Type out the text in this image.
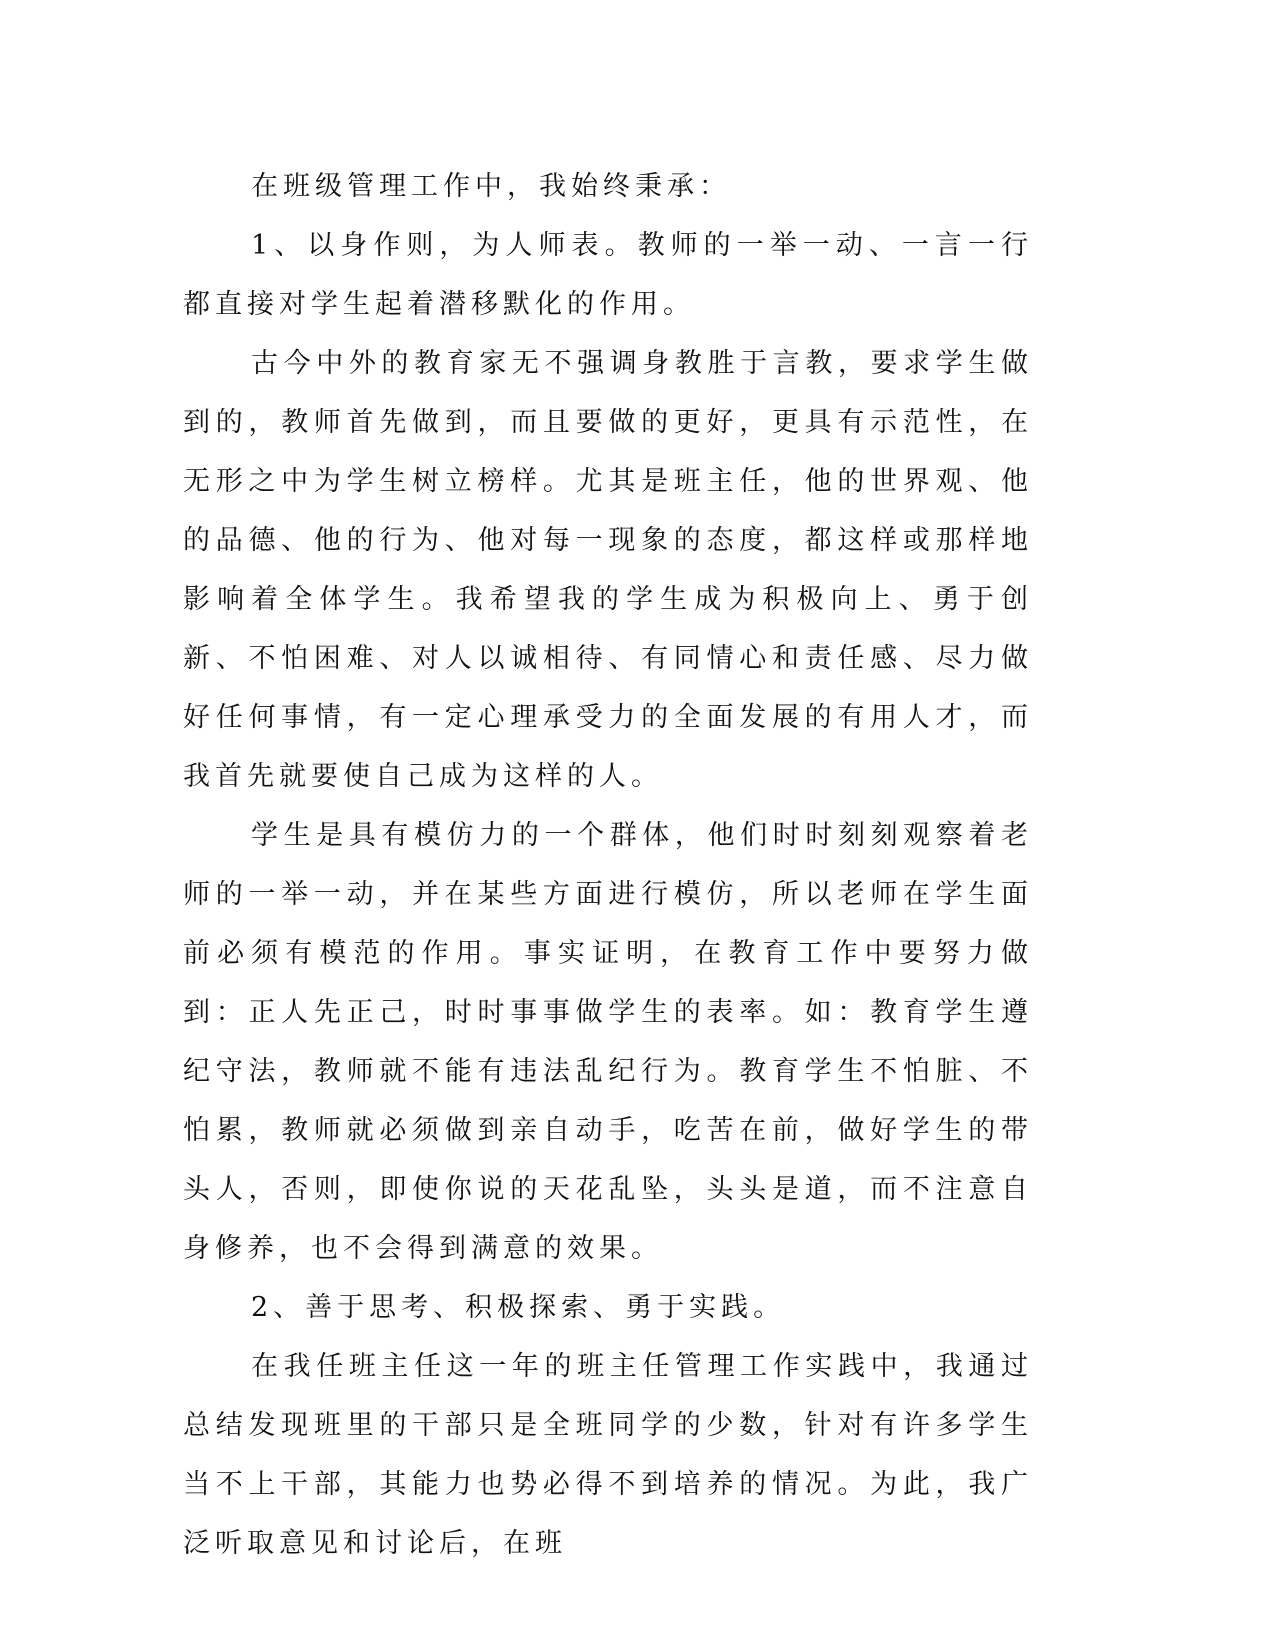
在班级管理工作中，我始终秉承：

1、以身作则，为人师表。教师的一举一动、一言一行都直接对学生起着潜移默化的作用。

古今中外的教育家无不强调身教胜于言教，要求学生做到的，教师首先做到，而且要做的更好，更具有示范性，在无形之中为学生树立榜样。尤其是班主任，他的世界观、他的品德、他的行为、他对每一现象的态度，都这样或那样地影响着全体学生。我希望我的学生成为积极向上、勇于创新、不怕困难、对人以诚相待、有同情心和责任感、尽力做好任何事情，有一定心理承受力的全面发展的有用人才，而我首先就要使自己成为这样的人。

学生是具有模仿力的一个群体，他们时时刻刻观察着老师的一举一动，并在某些方面进行模仿，所以老师在学生面前必须有模范的作用。事实证明，在教育工作中要努力做到：正人先正己，时时事事做学生的表率。如：教育学生遵纪守法，教师就不能有违法乱纪行为。教育学生不怕脏、不怕累，教师就必须做到亲自动手，吃苦在前，做好学生的带头人，否则，即使你说的天花乱坠，头头是道，而不注意自身修养，也不会得到满意的效果。

2、善于思考、积极探索、勇于实践。

在我任班主任这一年的班主任管理工作实践中，我通过总结发现班里的干部只是全班同学的少数，针对有许多学生当不上干部，其能力也势必得不到培养的情况。为此，我广泛听取意见和讨论后，在班
